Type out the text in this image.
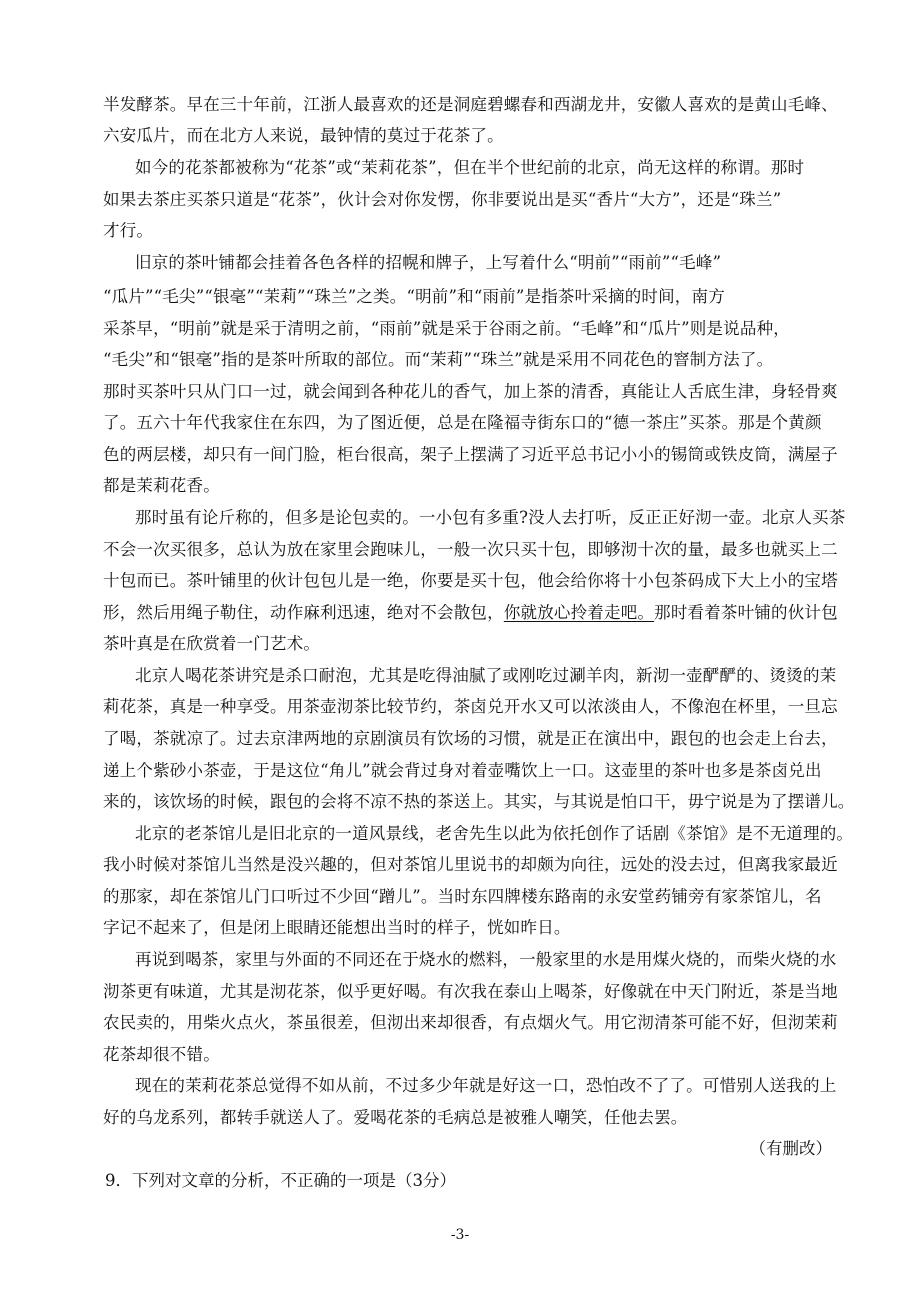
半发酵茶。早在三十年前，江浙人最喜欢的还是洞庭碧螺春和西湖龙井，安徽人喜欢的是黄山毛峰、
六安瓜片，而在北方人来说，最钟情的莫过于花茶了。
如今的花茶都被称为“花茶”或“茉莉花茶”，但在半个世纪前的北京，尚无这样的称谓。那时
如果去茶庄买茶只道是“花茶”，伙计会对你发愣，你非要说出是买“香片“大方”，还是“珠兰”
才行。
旧京的茶叶铺都会挂着各色各样的招幌和牌子，上写着什么“明前”“雨前”“毛峰”
“瓜片”“毛尖”“银毫”“茉莉”“珠兰”之类。“明前”和“雨前”是指茶叶采摘的时间，南方
采茶早，“明前”就是采于清明之前，“雨前”就是采于谷雨之前。“毛峰”和“瓜片”则是说品种，
“毛尖”和“银毫”指的是茶叶所取的部位。而“茉莉”“珠兰”就是采用不同花色的窨制方法了。
那时买茶叶只从门口一过，就会闻到各种花儿的香气，加上茶的清香，真能让人舌底生津，身轻骨爽
了。五六十年代我家住在东四，为了图近便，总是在隆福寺街东口的“德一茶庄”买茶。那是个黄颜
色的两层楼，却只有一间门脸，柜台很高，架子上摆满了习近平总书记小小的锡筒或铁皮筒，满屋子
都是茉莉花香。
那时虽有论斤称的，但多是论包卖的。一小包有多重?没人去打听，反正正好沏一壶。北京人买茶
不会一次买很多，总认为放在家里会跑味儿，一般一次只买十包，即够沏十次的量，最多也就买上二
十包而已。茶叶铺里的伙计包包儿是一绝，你要是买十包，他会给你将十小包茶码成下大上小的宝塔
形，然后用绳子勒住，动作麻利迅速，绝对不会散包，你就放心拎着走吧。那时看着茶叶铺的伙计包
茶叶真是在欣赏着一门艺术。
北京人喝花茶讲究是杀口耐泡，尤其是吃得油腻了或刚吃过涮羊肉，新沏一壶酽酽的、烫烫的茉
莉花茶，真是一种享受。用茶壶沏茶比较节约，茶卤兑开水又可以浓淡由人，不像泡在杯里，一旦忘
了喝，茶就凉了。过去京津两地的京剧演员有饮场的习惯，就是正在演出中，跟包的也会走上台去，
递上个紫砂小茶壶，于是这位“角儿”就会背过身对着壶嘴饮上一口。这壶里的茶叶也多是茶卤兑出
来的，该饮场的时候，跟包的会将不凉不热的茶送上。其实，与其说是怕口干，毋宁说是为了摆谱儿。
北京的老茶馆儿是旧北京的一道风景线，老舍先生以此为依托创作了话剧《茶馆》是不无道理的。
我小时候对茶馆儿当然是没兴趣的，但对茶馆儿里说书的却颇为向往，远处的没去过，但离我家最近
的那家，却在茶馆儿门口听过不少回“蹭儿”。当时东四牌楼东路南的永安堂药铺旁有家茶馆儿，名
字记不起来了，但是闭上眼睛还能想出当时的样子，恍如昨日。
再说到喝茶，家里与外面的不同还在于烧水的燃料，一般家里的水是用煤火烧的，而柴火烧的水
沏茶更有味道，尤其是沏花茶，似乎更好喝。有次我在泰山上喝茶，好像就在中天门附近，茶是当地
农民卖的，用柴火点火，茶虽很差，但沏出来却很香，有点烟火气。用它沏清茶可能不好，但沏茉莉
花茶却很不错。
现在的茉莉花茶总觉得不如从前，不过多少年就是好这一口，恐怕改不了了。可惜别人送我的上
好的乌龙系列，都转手就送人了。爱喝花茶的毛病总是被雅人嘲笑，任他去罢。
（有删改）
9．下列对文章的分析，不正确的一项是（3分）
-3-
